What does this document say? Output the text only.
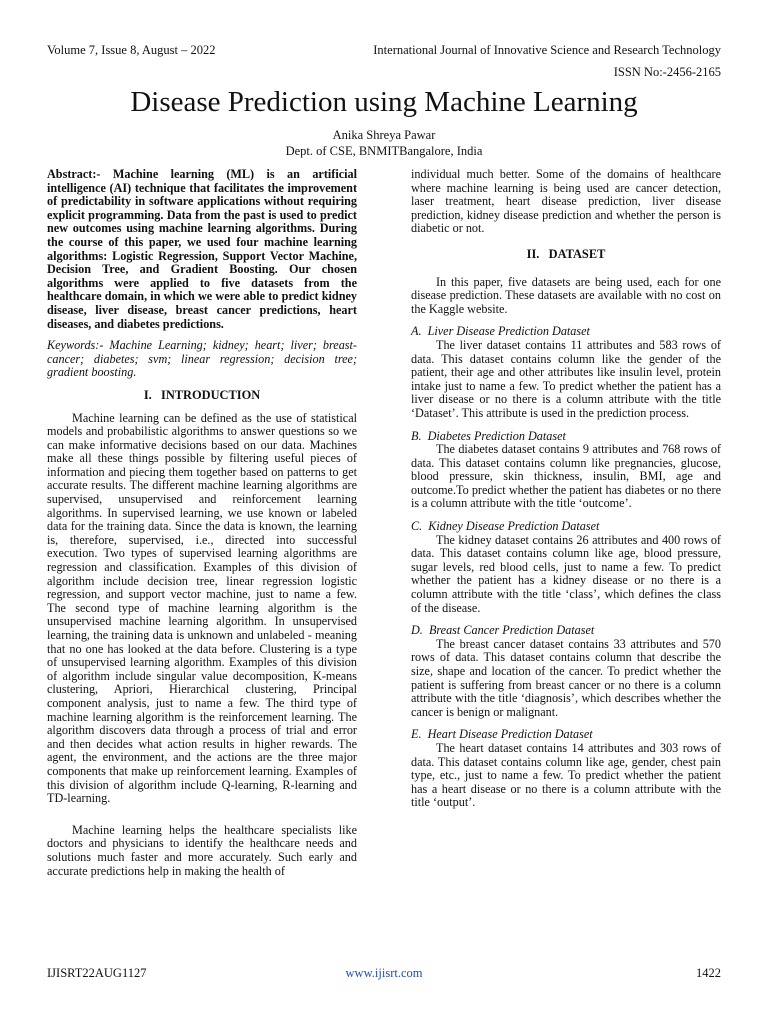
Volume 7, Issue 8, August – 2022	International Journal of Innovative Science and Research Technology
ISSN No:-2456-2165
Disease Prediction using Machine Learning
Anika Shreya Pawar
Dept. of CSE, BNMITBangalore, India

Abstract:- Machine learning (ML) is an artificial intelligence (AI) technique that facilitates the improvement of predictability in software applications without requiring explicit programming. Data from the past is used to predict new outcomes using machine learning algorithms. During the course of this paper, we used four machine learning algorithms: Logistic Regression, Support Vector Machine, Decision Tree, and Gradient Boosting. Our chosen algorithms were applied to five datasets from the healthcare domain, in which we were able to predict kidney disease, liver disease, breast cancer predictions, heart diseases, and diabetes predictions.

Keywords:- Machine Learning; kidney; heart; liver; breast- cancer; diabetes; svm; linear regression; decision tree; gradient boosting.

I.   INTRODUCTION

Machine learning can be defined as the use of statistical models and probabilistic algorithms to answer questions so we can make informative decisions based on our data. Machines make all these things possible by filtering useful pieces of information and piecing them together based on patterns to get accurate results. The different machine learning algorithms are supervised, unsupervised and reinforcement learning algorithms. In supervised learning, we use known or labeled data for the training data. Since the data is known, the learning is, therefore, supervised, i.e., directed into successful execution. Two types of supervised learning algorithms are regression and classification. Examples of this division of algorithm include decision tree, linear regression logistic regression, and support vector machine, just to name a few. The second type of machine learning algorithm is the unsupervised machine learning algorithm. In unsupervised learning, the training data is unknown and unlabeled - meaning that no one has looked at the data before. Clustering is a type of unsupervised learning algorithm. Examples of this division of algorithm include singular value decomposition, K-means clustering, Apriori, Hierarchical clustering, Principal component analysis, just to name a few. The third type of machine learning algorithm is the reinforcement learning. The algorithm discovers data through a process of trial and error and then decides what action results in higher rewards. The agent, the environment, and the actions are the three major components that make up reinforcement learning. Examples of this division of algorithm include Q-learning, R-learning and TD-learning.

Machine learning helps the healthcare specialists like doctors and physicians to identify the healthcare needs and solutions much faster and more accurately. Such early and accurate predictions help in making the health of

individual much better. Some of the domains of healthcare where machine learning is being used are cancer detection, laser treatment, heart disease prediction, liver disease prediction, kidney disease prediction and whether the person is diabetic or not.

II.   DATASET

In this paper, five datasets are being used, each for one disease prediction. These datasets are available with no cost on the Kaggle website.

A.  Liver Disease Prediction Dataset

The liver dataset contains 11 attributes and 583 rows of data. This dataset contains column like the gender of the patient, their age and other attributes like insulin level, protein intake just to name a few. To predict whether the patient has a liver disease or no there is a column attribute with the title ‘Dataset’. This attribute is used in the prediction process.

B.  Diabetes Prediction Dataset

The diabetes dataset contains 9 attributes and 768 rows of data. This dataset contains column like pregnancies, glucose, blood pressure, skin thickness, insulin, BMI, age and outcome.To predict whether the patient has diabetes or no there is a column attribute with the title ‘outcome’.

C.  Kidney Disease Prediction Dataset

The kidney dataset contains 26 attributes and 400 rows of data. This dataset contains column like age, blood pressure, sugar levels, red blood cells, just to name a few. To predict whether the patient has a kidney disease or no there is a column attribute with the title ‘class’, which defines the class of the disease.

D.  Breast Cancer Prediction Dataset

The breast cancer dataset contains 33 attributes and 570 rows of data. This dataset contains column that describe the size, shape and location of the cancer. To predict whether the patient is suffering from breast cancer or no there is a column attribute with the title ‘diagnosis’, which describes whether the cancer is benign or malignant.

E.  Heart Disease Prediction Dataset

The heart dataset contains 14 attributes and 303 rows of data. This dataset contains column like age, gender, chest pain type, etc., just to name a few. To predict whether the patient has a heart disease or no there is a column attribute with the title ‘output’.

IJISRT22AUG1127	www.ijisrt.com	1422
